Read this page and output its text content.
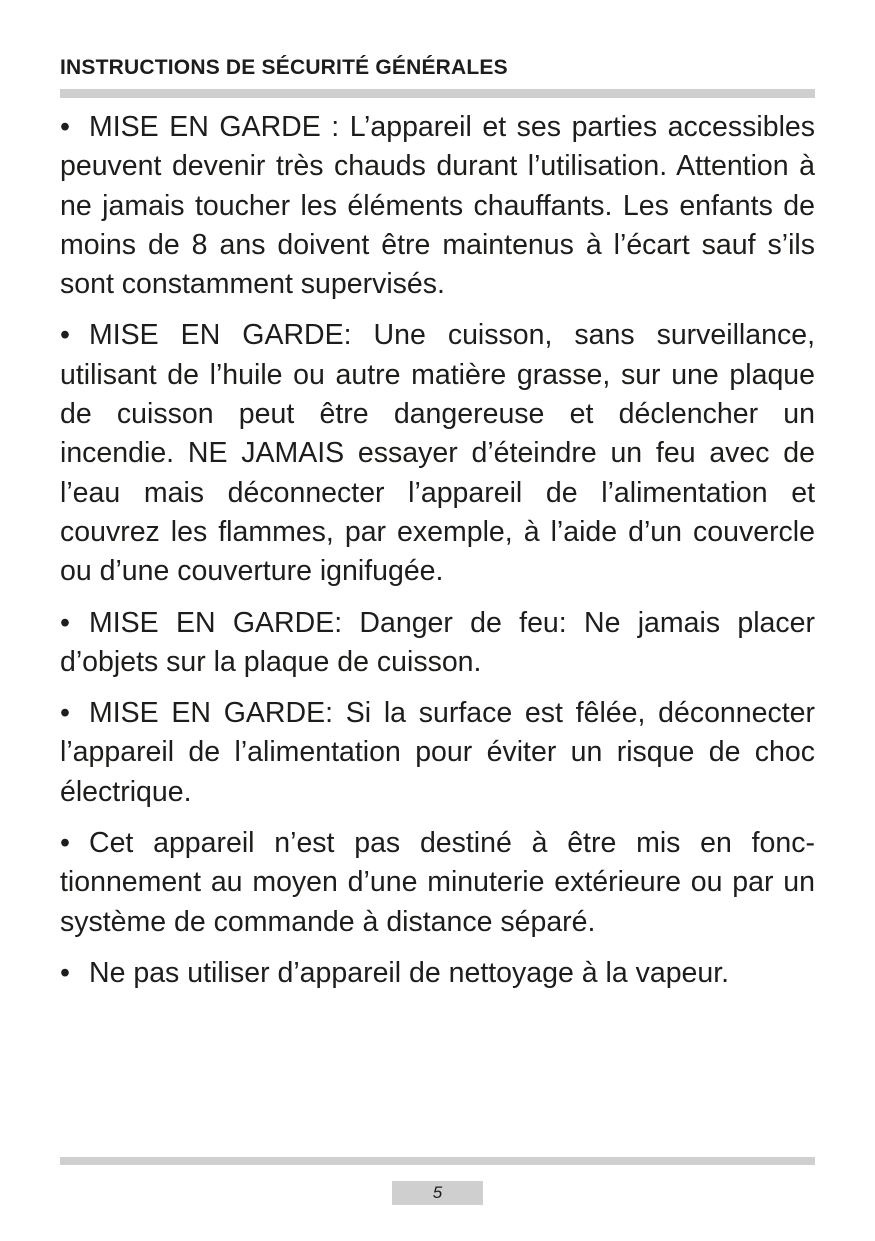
INSTRUCTIONS DE SÉCURITÉ GÉNÉRALES

• MISE EN GARDE : L’appareil et ses parties accessibles peuvent devenir très chauds durant l’utilisation. Attention à ne jamais toucher les éléments chauffants. Les enfants de moins de 8 ans doivent être maintenus à l’écart sauf s’ils sont constamment supervisés.

• MISE EN GARDE: Une cuisson, sans surveillance, utilisant de l’huile ou autre matière grasse, sur une plaque de cuisson peut être dangereuse et déclencher un incendie. NE JAMAIS essayer d’éteindre un feu avec de l’eau mais déconnecter l’appareil de l’alimentation et couvrez les flammes, par exemple, à l’aide d’un couvercle ou d’une couverture ignifugée.

• MISE EN GARDE: Danger de feu: Ne jamais placer d’objets sur la plaque de cuisson.

• MISE EN GARDE: Si la surface est fêlée, déconnecter l’appareil de l’alimentation pour éviter un risque de choc électrique.

• Cet appareil n’est pas destiné à être mis en fonctionnement au moyen d’une minuterie extérieure ou par un système de commande à distance séparé.

• Ne pas utiliser d’appareil de nettoyage à la vapeur.

5
